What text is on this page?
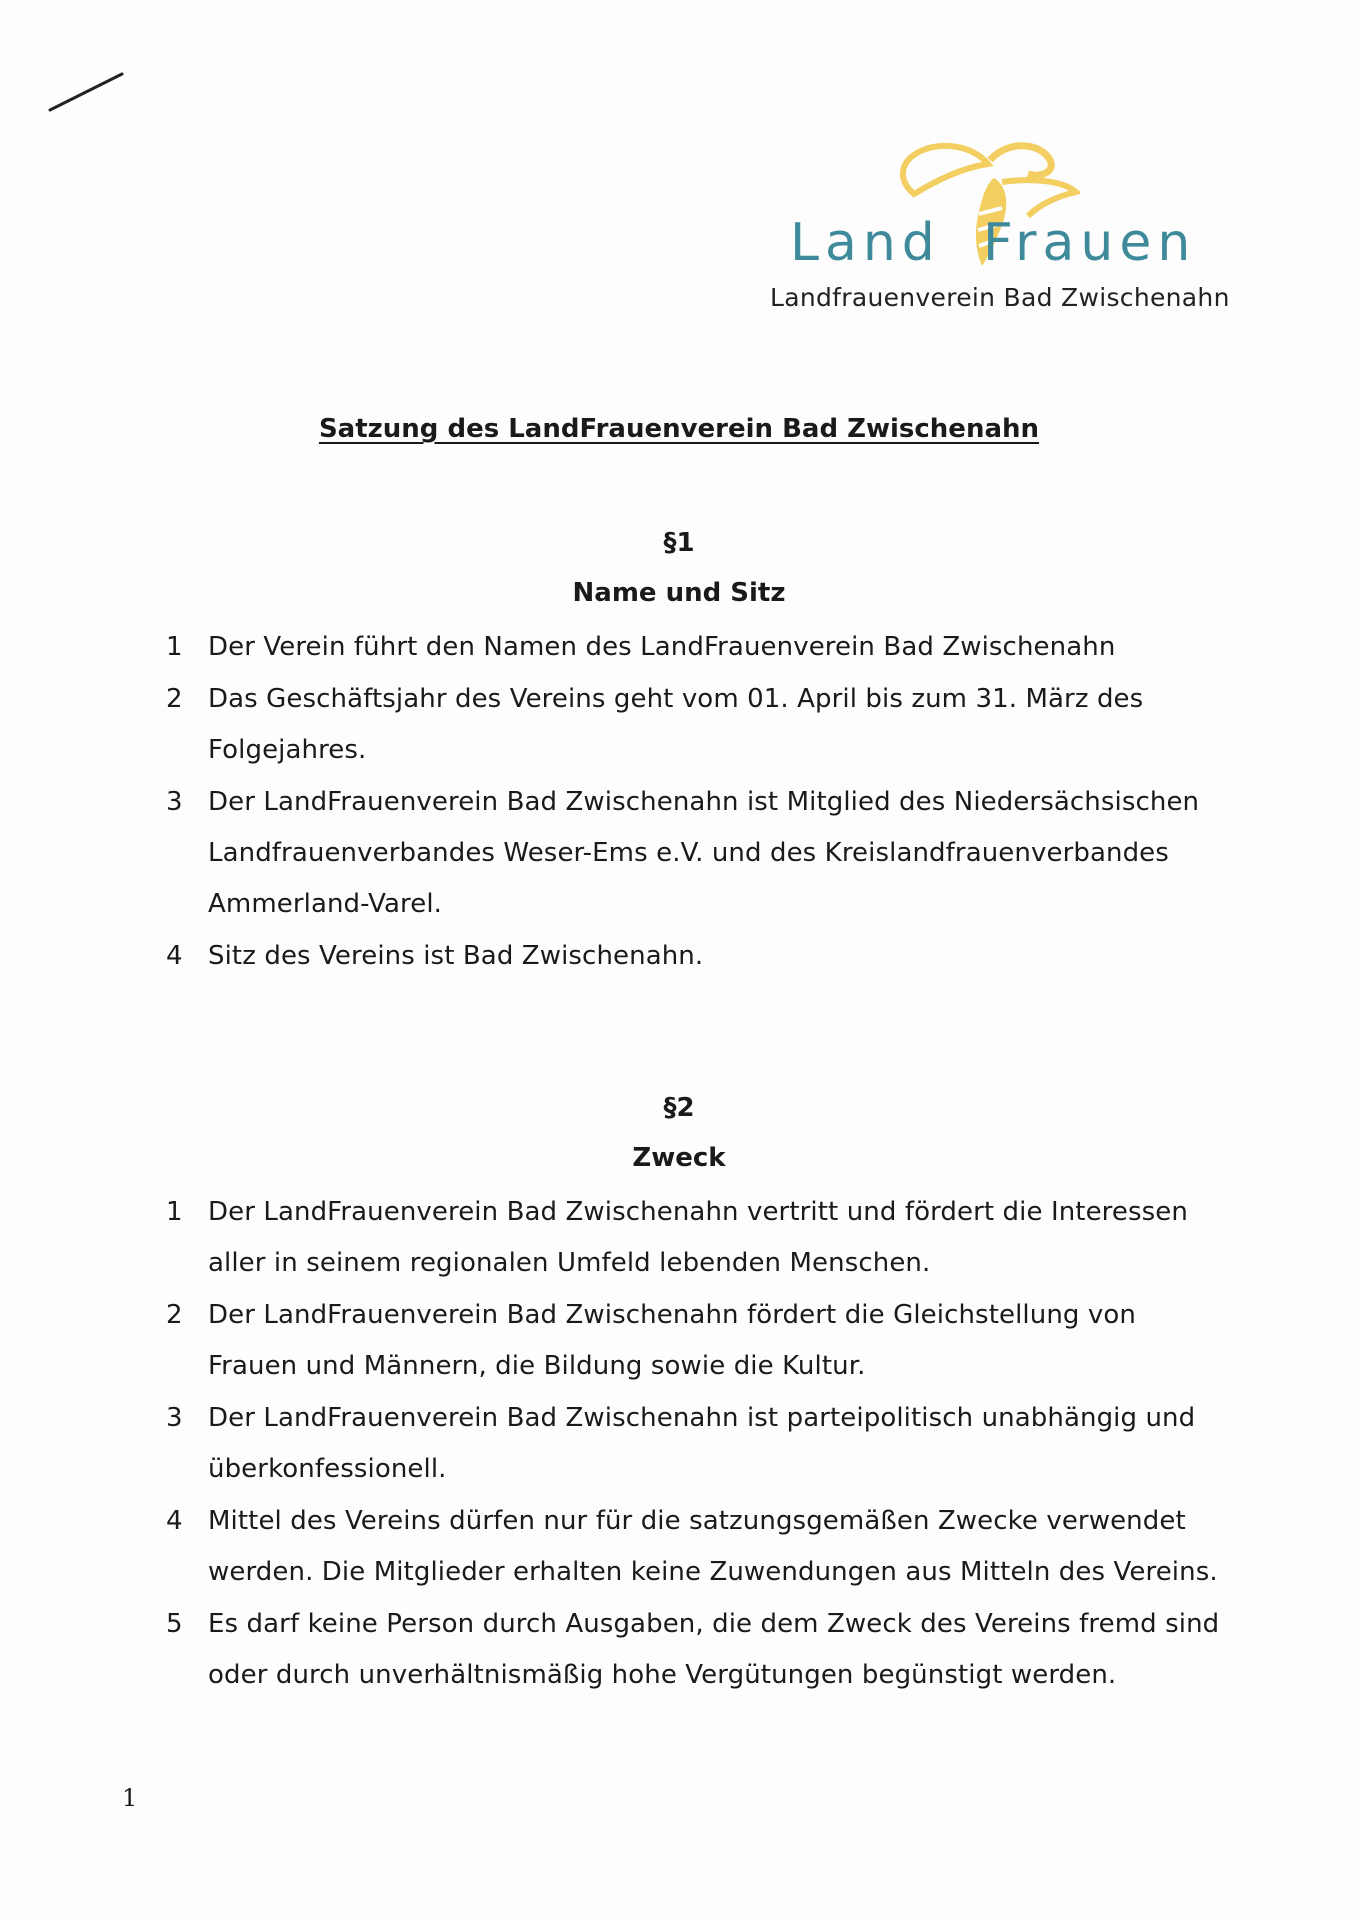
Land Frauen
Landfrauenverein Bad Zwischenahn
Satzung des LandFrauenverein Bad Zwischenahn
§1
Name und Sitz
1 Der Verein führt den Namen des LandFrauenverein Bad Zwischenahn
2 Das Geschäftsjahr des Vereins geht vom 01. April bis zum 31. März des Folgejahres.
3 Der LandFrauenverein Bad Zwischenahn ist Mitglied des Niedersächsischen Landfrauenverbandes Weser-Ems e.V. und des Kreislandfrauenverbandes Ammerland-Varel.
4 Sitz des Vereins ist Bad Zwischenahn.
§2
Zweck
1 Der LandFrauenverein Bad Zwischenahn vertritt und fördert die Interessen aller in seinem regionalen Umfeld lebenden Menschen.
2 Der LandFrauenverein Bad Zwischenahn fördert die Gleichstellung von Frauen und Männern, die Bildung sowie die Kultur.
3 Der LandFrauenverein Bad Zwischenahn ist parteipolitisch unabhängig und überkonfessionell.
4 Mittel des Vereins dürfen nur für die satzungsgemäßen Zwecke verwendet werden. Die Mitglieder erhalten keine Zuwendungen aus Mitteln des Vereins.
5 Es darf keine Person durch Ausgaben, die dem Zweck des Vereins fremd sind oder durch unverhältnismäßig hohe Vergütungen begünstigt werden.
1
